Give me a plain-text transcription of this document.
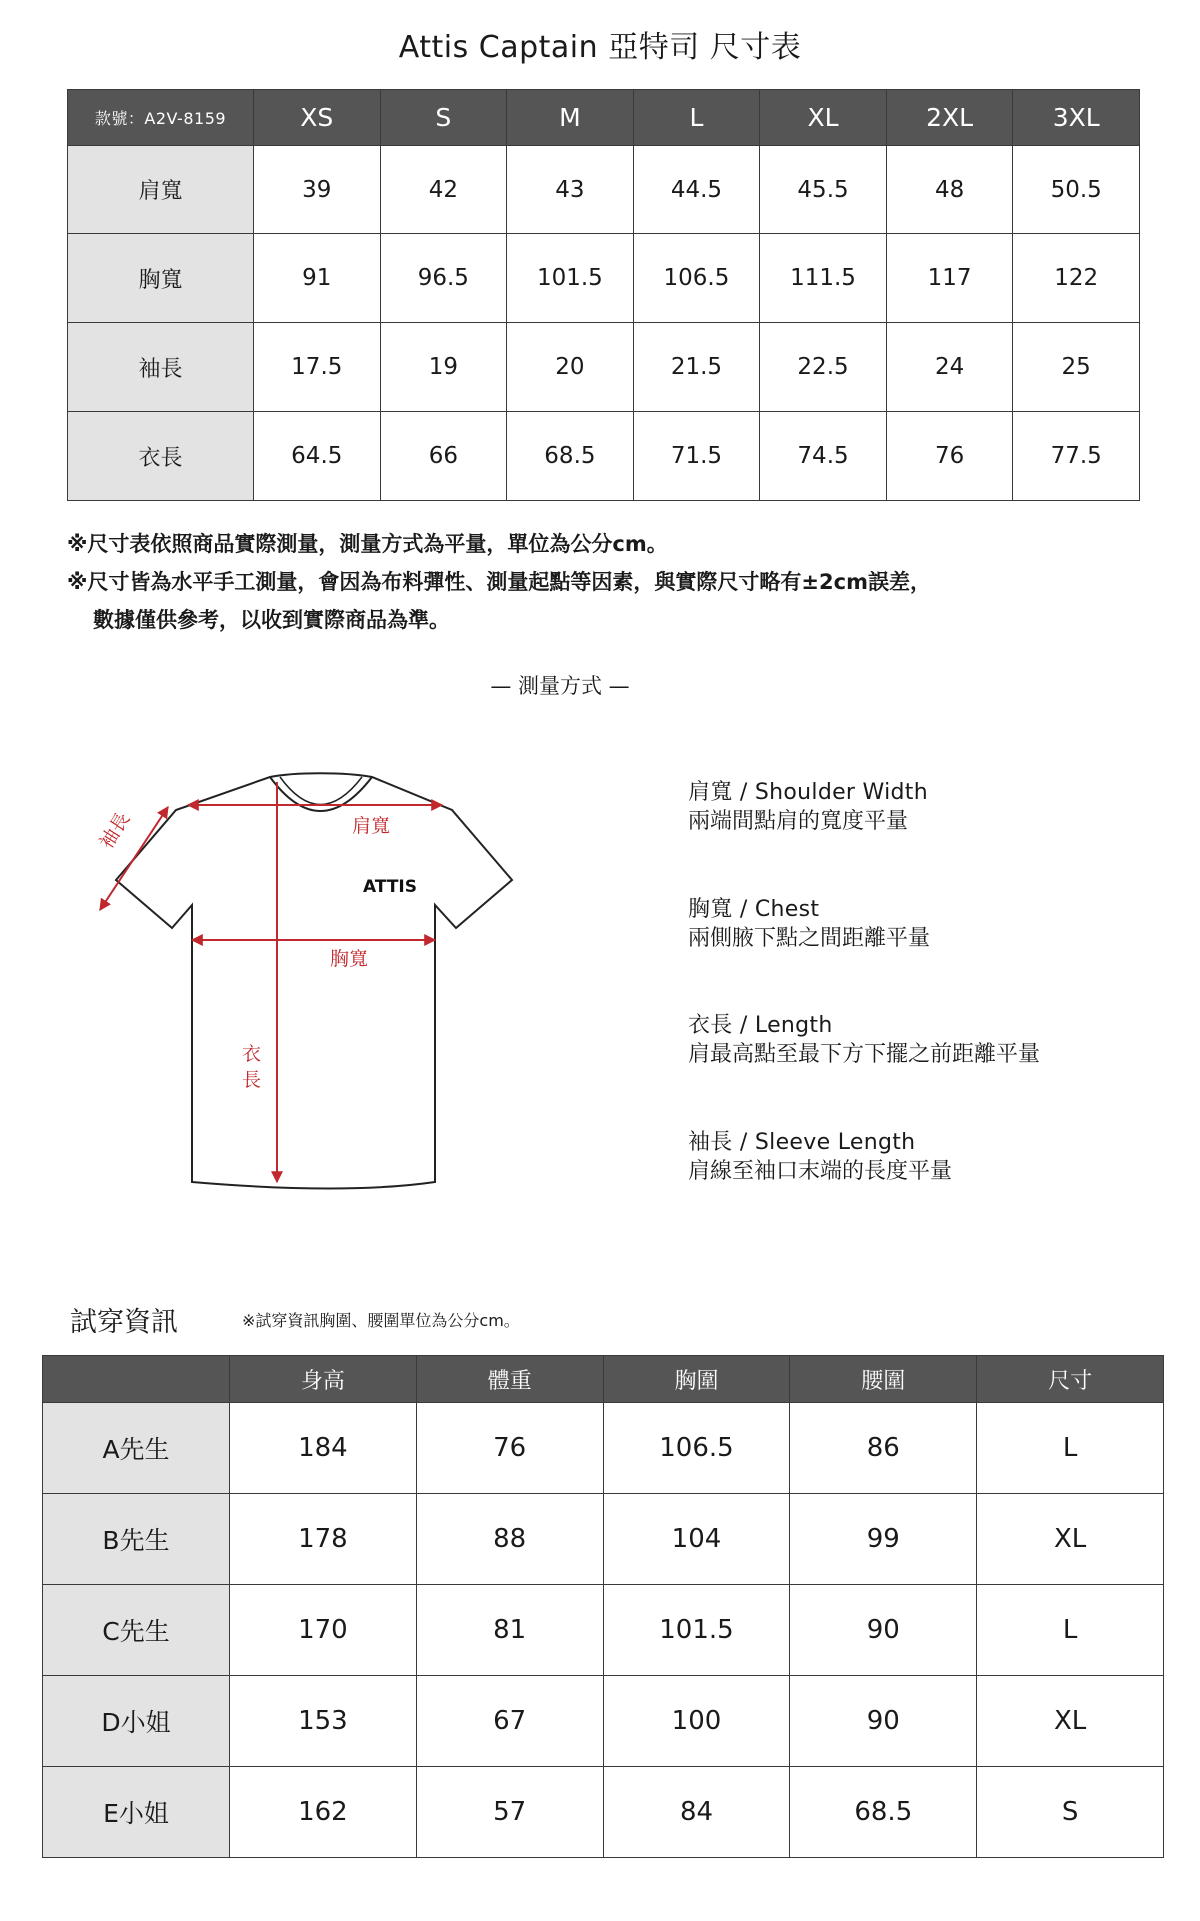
Attis Captain 亞特司 尺寸表
款號：A2V-8159	XS	S	M	L	XL	2XL	3XL
肩寬	39	42	43	44.5	45.5	48	50.5
胸寬	91	96.5	101.5	106.5	111.5	117	122
袖長	17.5	19	20	21.5	22.5	24	25
衣長	64.5	66	68.5	71.5	74.5	76	77.5
※尺寸表依照商品實際測量，測量方式為平量，單位為公分cm。
※尺寸皆為水平手工測量，會因為布料彈性、測量起點等因素，與實際尺寸略有±2cm誤差，
數據僅供參考，以收到實際商品為準。
— 測量方式 —
肩寬
胸寬
衣
長
袖長
ATTIS
肩寬 / Shoulder Width
兩端間點肩的寬度平量
胸寬 / Chest
兩側腋下點之間距離平量
衣長 / Length
肩最高點至最下方下擺之前距離平量
袖長 / Sleeve Length
肩線至袖口末端的長度平量
試穿資訊	※試穿資訊胸圍、腰圍單位為公分cm。
	身高	體重	胸圍	腰圍	尺寸
A先生	184	76	106.5	86	L
B先生	178	88	104	99	XL
C先生	170	81	101.5	90	L
D小姐	153	67	100	90	XL
E小姐	162	57	84	68.5	S
